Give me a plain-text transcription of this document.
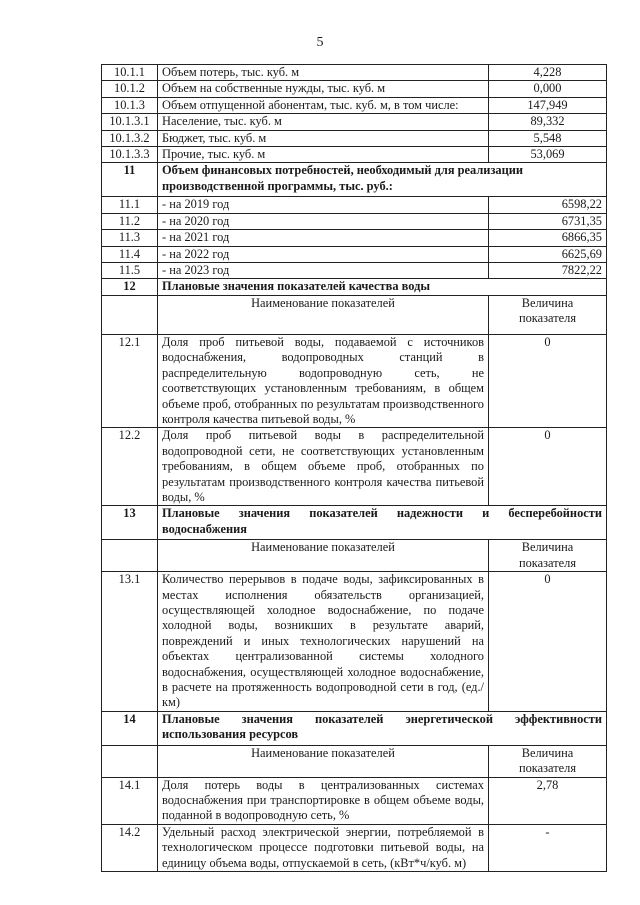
5
10.1.1	Объем потерь, тыс. куб. м	4,228
10.1.2	Объем на собственные нужды, тыс. куб. м	0,000
10.1.3	Объем отпущенной абонентам, тыс. куб. м, в том числе:	147,949
10.1.3.1	Население, тыс. куб. м	89,332
10.1.3.2	Бюджет, тыс. куб. м	5,548
10.1.3.3	Прочие, тыс. куб. м	53,069
11	Объем финансовых потребностей, необходимый для реализации производственной программы, тыс. руб.:	
11.1	- на 2019 год	6598,22
11.2	- на 2020 год	6731,35
11.3	- на 2021 год	6866,35
11.4	- на 2022 год	6625,69
11.5	- на 2023 год	7822,22
12	Плановые значения показателей качества воды	
	Наименование показателей	Величина показателя
12.1	Доля проб питьевой воды, подаваемой с источников водоснабжения, водопроводных станций в распределительную водопроводную сеть, не соответствующих установленным требованиям, в общем объеме проб, отобранных по результатам производственного контроля качества питьевой воды, %	0
12.2	Доля проб питьевой воды в распределительной водопроводной сети, не соответствующих установленным требованиям, в общем объеме проб, отобранных по результатам производственного контроля качества питьевой воды, %	0
13	Плановые значения показателей надежности и бесперебойности водоснабжения	
	Наименование показателей	Величина показателя
13.1	Количество перерывов в подаче воды, зафиксированных в местах исполнения обязательств организацией, осуществляющей холодное водоснабжение, по подаче холодной воды, возникших в результате аварий, повреждений и иных технологических нарушений на объектах централизованной системы холодного водоснабжения, осуществляющей холодное водоснабжение, в расчете на протяженность водопроводной сети в год, (ед./км)	0
14	Плановые значения показателей энергетической эффективности использования ресурсов	
	Наименование показателей	Величина показателя
14.1	Доля потерь воды в централизованных системах водоснабжения при транспортировке в общем объеме воды, поданной в водопроводную сеть, %	2,78
14.2	Удельный расход электрической энергии, потребляемой в технологическом процессе подготовки питьевой воды, на единицу объема воды, отпускаемой в сеть, (кВт*ч/куб. м)	-
